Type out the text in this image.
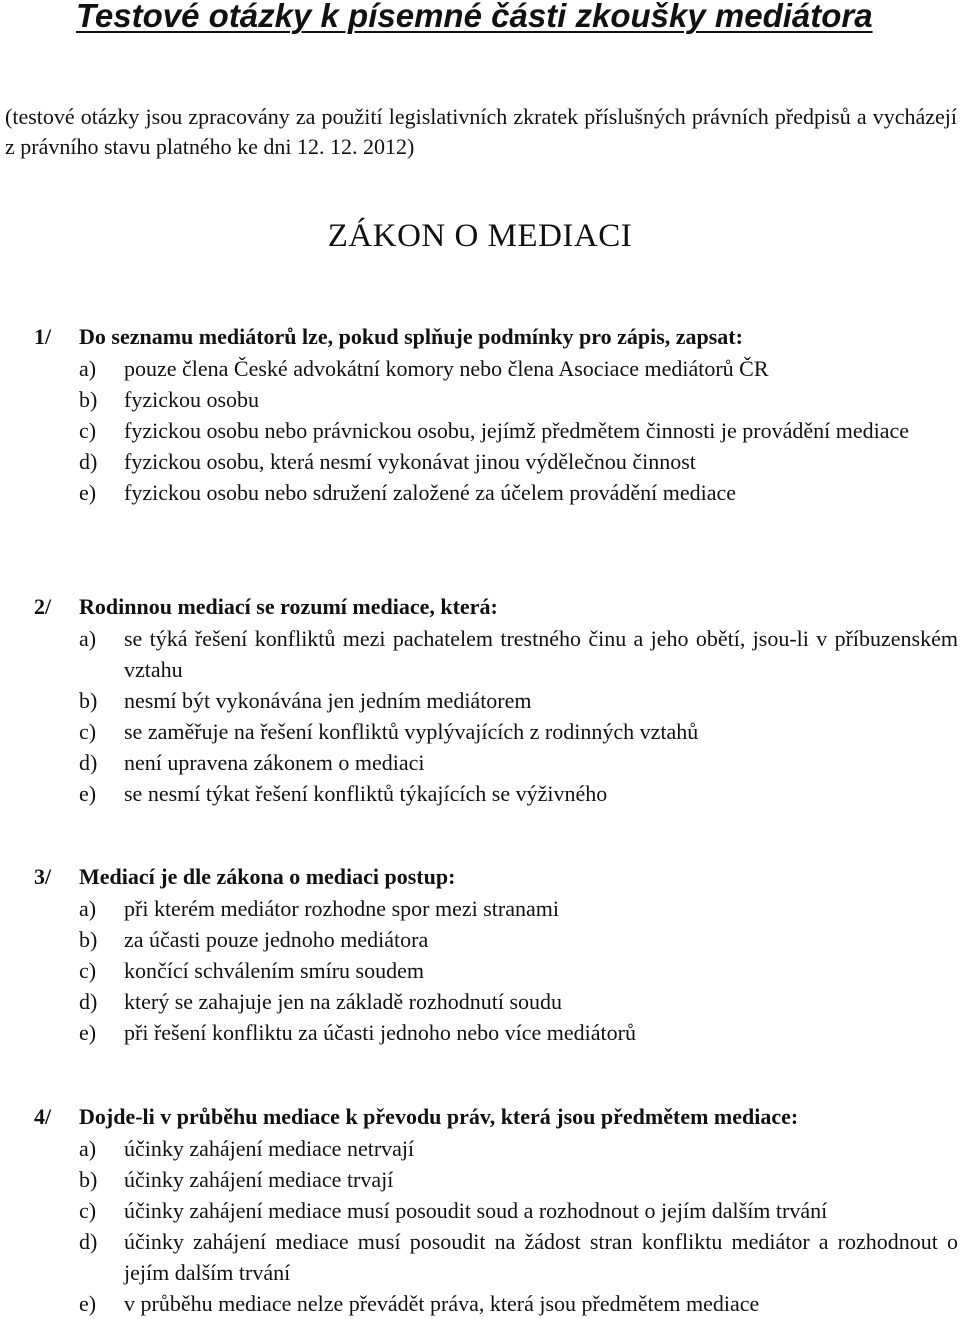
Testové otázky k písemné části zkoušky mediátora

(testové otázky jsou zpracovány za použití legislativních zkratek příslušných právních předpisů a vycházejí z právního stavu platného ke dni 12. 12. 2012)

ZÁKON O MEDIACI
1/ Do seznamu mediátorů lze, pokud splňuje podmínky pro zápis, zapsat:
a) pouze člena České advokátní komory nebo člena Asociace mediátorů ČR
b) fyzickou osobu
c) fyzickou osobu nebo právnickou osobu, jejímž předmětem činnosti je provádění mediace
d) fyzickou osobu, která nesmí vykonávat jinou výdělečnou činnost
e) fyzickou osobu nebo sdružení založené za účelem provádění mediace
2/ Rodinnou mediací se rozumí mediace, která:
a) se týká řešení konfliktů mezi pachatelem trestného činu a jeho obětí, jsou-li v příbuzenském vztahu
b) nesmí být vykonávána jen jedním mediátorem
c) se zaměřuje na řešení konfliktů vyplývajících z rodinných vztahů
d) není upravena zákonem o mediaci
e) se nesmí týkat řešení konfliktů týkajících se výživného
3/ Mediací je dle zákona o mediaci postup:
a) při kterém mediátor rozhodne spor mezi stranami
b) za účasti pouze jednoho mediátora
c) končící schválením smíru soudem
d) který se zahajuje jen na základě rozhodnutí soudu
e) při řešení konfliktu za účasti jednoho nebo více mediátorů
4/ Dojde-li v průběhu mediace k převodu práv, která jsou předmětem mediace:
a) účinky zahájení mediace netrvají
b) účinky zahájení mediace trvají
c) účinky zahájení mediace musí posoudit soud a rozhodnout o jejím dalším trvání
d) účinky zahájení mediace musí posoudit na žádost stran konfliktu mediátor a rozhodnout o jejím dalším trvání
e) v průběhu mediace nelze převádět práva, která jsou předmětem mediace
